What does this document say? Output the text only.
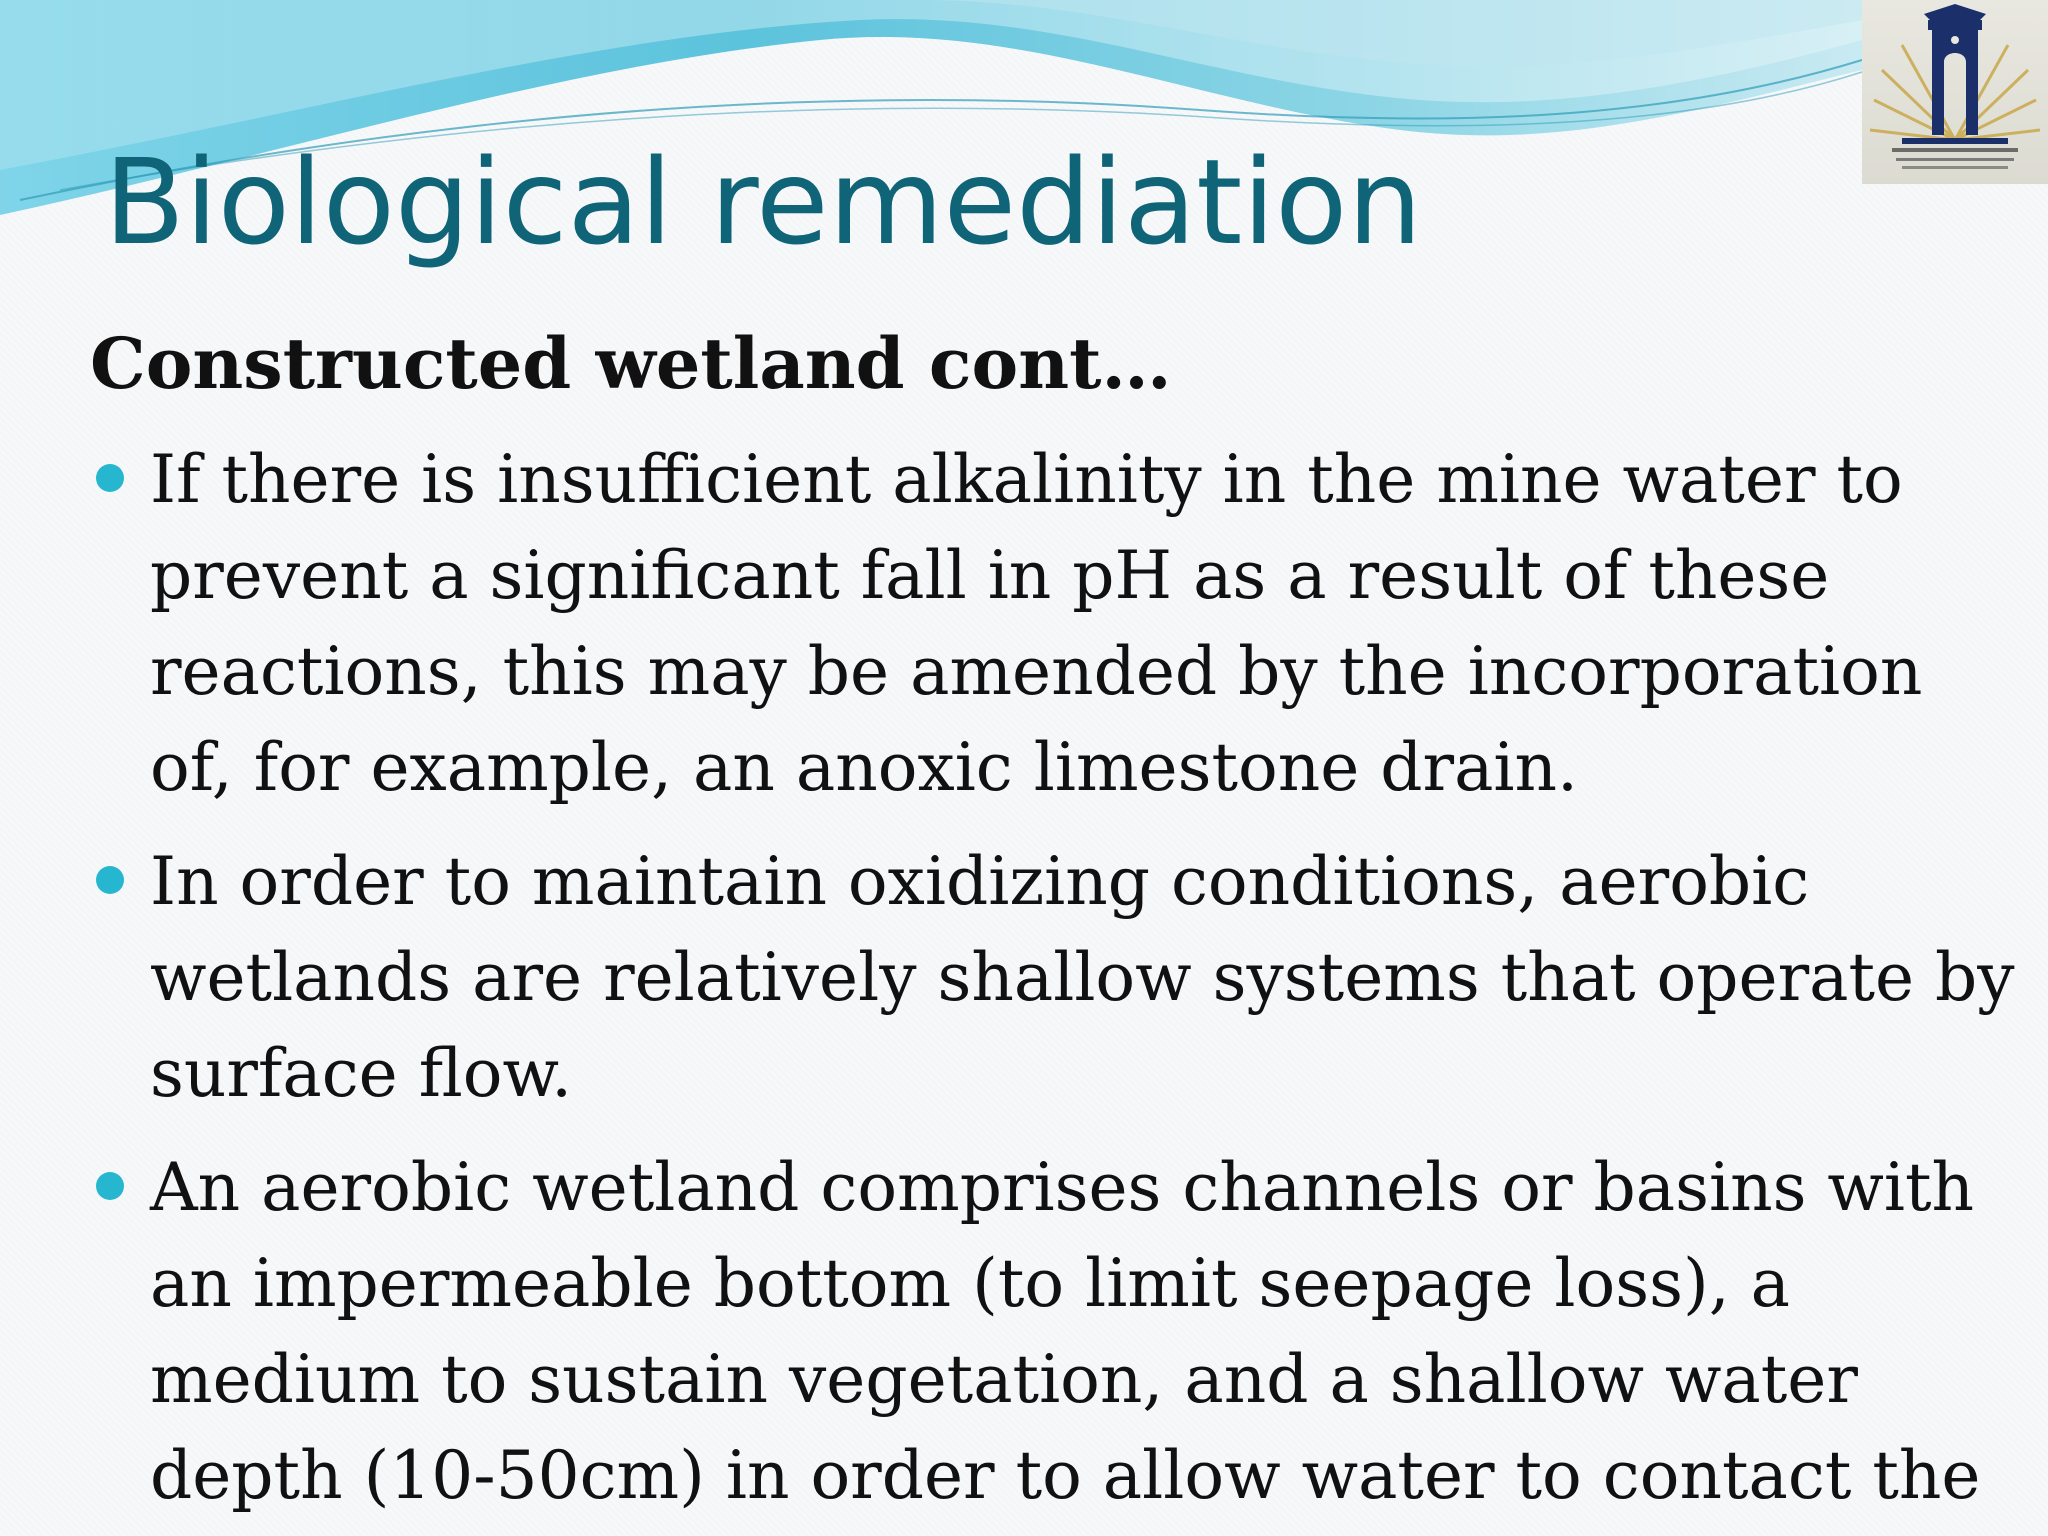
Biological remediation
Constructed wetland cont…

If there is insufficient alkalinity in the mine water to
prevent a significant fall in pH as a result of these
reactions, this may be amended by the incorporation
of, for example, an anoxic limestone drain.

In order to maintain oxidizing conditions, aerobic
wetlands are relatively shallow systems that operate by
surface flow.

An aerobic wetland comprises channels or basins with
an impermeable bottom (to limit seepage loss), a
medium to sustain vegetation, and a shallow water
depth (10-50cm) in order to allow water to contact the
